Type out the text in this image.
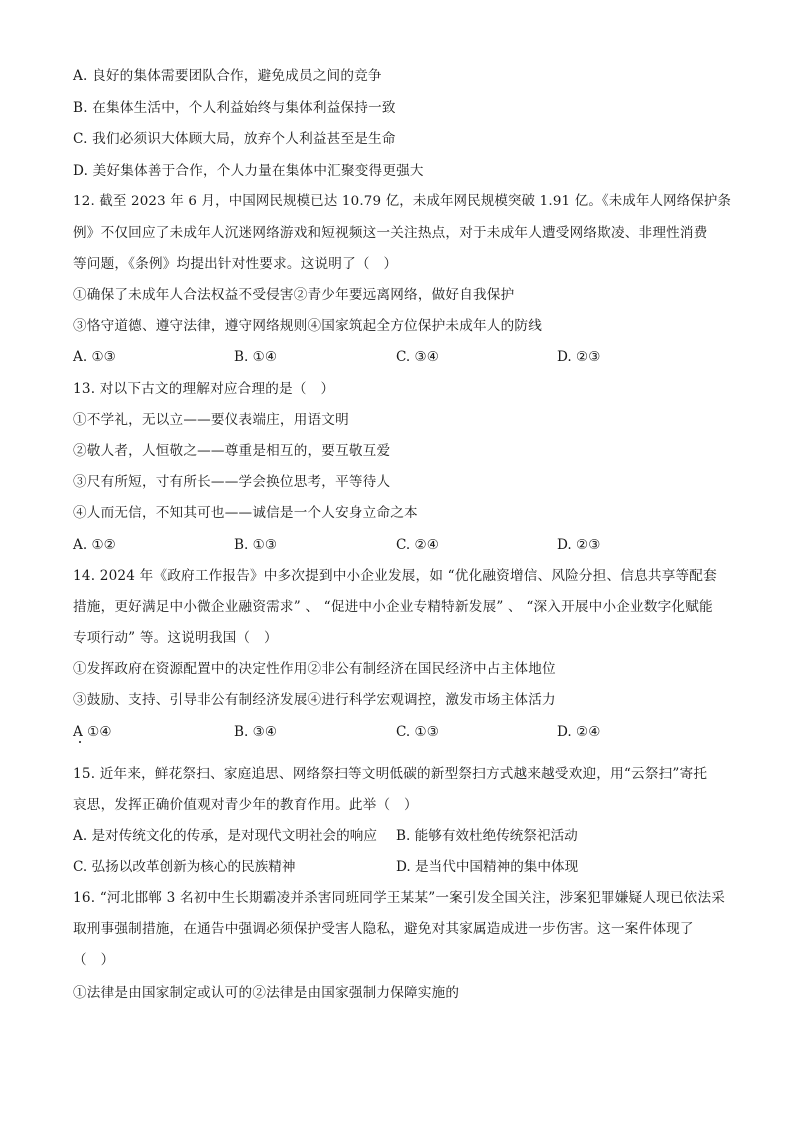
A. 良好的集体需要团队合作，避免成员之间的竞争
B. 在集体生活中，个人利益始终与集体利益保持一致
C. 我们必须识大体顾大局，放弃个人利益甚至是生命
D. 美好集体善于合作，个人力量在集体中汇聚变得更强大
12. 截至 2023 年 6 月，中国网民规模已达 10.79 亿，未成年网民规模突破 1.91 亿。《未成年人网络保护条
例》不仅回应了未成年人沉迷网络游戏和短视频这一关注热点，对于未成年人遭受网络欺凌、非理性消费
等问题，《条例》均提出针对性要求。这说明了（　）
①确保了未成年人合法权益不受侵害②青少年要远离网络，做好自我保护
③恪守道德、遵守法律，遵守网络规则④国家筑起全方位保护未成年人的防线
A. ①③	B. ①④	C. ③④	D. ②③
13. 对以下古文的理解对应合理的是（　）
①不学礼，无以立——要仪表端庄，用语文明
②敬人者，人恒敬之——尊重是相互的，要互敬互爱
③尺有所短，寸有所长——学会换位思考，平等待人
④人而无信，不知其可也——诚信是一个人安身立命之本
A. ①②	B. ①③	C. ②④	D. ②③
14. 2024 年《政府工作报告》中多次提到中小企业发展，如 “优化融资增信、风险分担、信息共享等配套
措施，更好满足中小微企业融资需求” 、 “促进中小企业专精特新发展” 、 “深入开展中小企业数字化赋能
专项行动” 等。这说明我国（　）
①发挥政府在资源配置中的决定性作用②非公有制经济在国民经济中占主体地位
③鼓励、支持、引导非公有制经济发展④进行科学宏观调控，激发市场主体活力
A ①④	B. ③④	C. ①③	D. ②④
15. 近年来，鲜花祭扫、家庭追思、网络祭扫等文明低碳的新型祭扫方式越来越受欢迎，用“云祭扫”寄托
哀思，发挥正确价值观对青少年的教育作用。此举（　）
A. 是对传统文化的传承，是对现代文明社会的响应 B. 能够有效杜绝传统祭祀活动
C. 弘扬以改革创新为核心的民族精神	D. 是当代中国精神的集中体现
16. “河北邯郸 3 名初中生长期霸凌并杀害同班同学王某某”一案引发全国关注，涉案犯罪嫌疑人现已依法采
取刑事强制措施，在通告中强调必须保护受害人隐私，避免对其家属造成进一步伤害。这一案件体现了
（　）
①法律是由国家制定或认可的②法律是由国家强制力保障实施的
